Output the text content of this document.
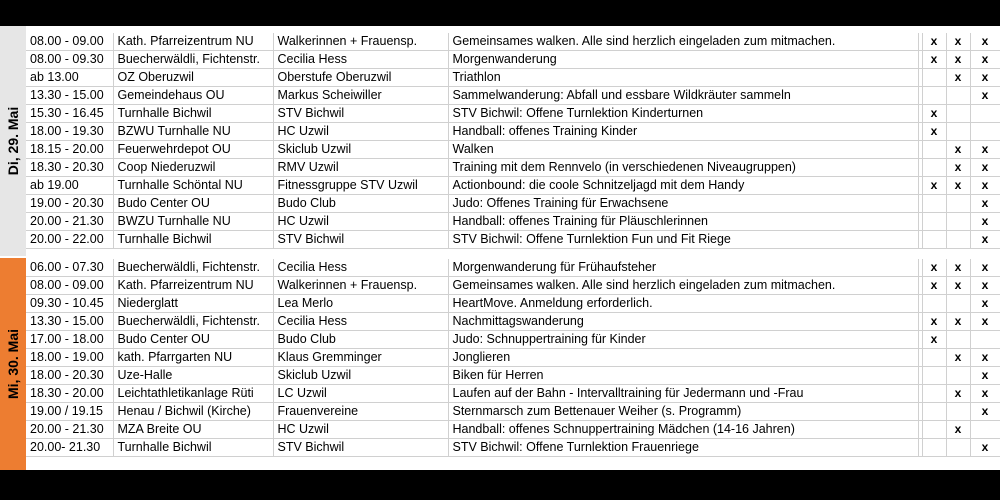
Di, 29. Mai
Mi, 30. Mai
08.00 - 09.00	Kath. Pfarreizentrum NU	Walkerinnen + Frauensp.	Gemeinsames walken. Alle sind herzlich eingeladen zum mitmachen.		x	x	x
08.00 - 09.30	Buecherwäldli, Fichtenstr.	Cecilia Hess	Morgenwanderung		x	x	x
ab 13.00	OZ Oberuzwil	Oberstufe Oberuzwil	Triathlon			x	x
13.30 - 15.00	Gemeindehaus OU	Markus Scheiwiller	Sammelwanderung: Abfall und essbare Wildkräuter sammeln				x
15.30 - 16.45	Turnhalle Bichwil	STV Bichwil	STV Bichwil: Offene Turnlektion Kinderturnen		x		
18.00 - 19.30	BZWU Turnhalle NU	HC Uzwil	Handball: offenes Training Kinder		x		
18.15 - 20.00	Feuerwehrdepot OU	Skiclub Uzwil	Walken			x	x
18.30 - 20.30	Coop Niederuzwil	RMV Uzwil	Training mit dem Rennvelo (in verschiedenen Niveaugruppen)			x	x
ab 19.00	Turnhalle Schöntal NU	Fitnessgruppe STV Uzwil	Actionbound: die coole Schnitzeljagd mit dem Handy		x	x	x
19.00 - 20.30	Budo Center OU	Budo Club	Judo: Offenes Training für Erwachsene				x
20.00 - 21.30	BWZU Turnhalle NU	HC Uzwil	Handball: offenes Training für Pläuschlerinnen				x
20.00 - 22.00	Turnhalle Bichwil	STV Bichwil	STV Bichwil: Offene Turnlektion Fun und Fit Riege				x
06.00 - 07.30	Buecherwäldli, Fichtenstr.	Cecilia Hess	Morgenwanderung für Frühaufsteher		x	x	x
08.00 - 09.00	Kath. Pfarreizentrum NU	Walkerinnen + Frauensp.	Gemeinsames walken. Alle sind herzlich eingeladen zum mitmachen.		x	x	x
09.30 - 10.45	Niederglatt	Lea Merlo	HeartMove. Anmeldung erforderlich.				x
13.30 - 15.00	Buecherwäldli, Fichtenstr.	Cecilia Hess	Nachmittagswanderung		x	x	x
17.00 - 18.00	Budo Center OU	Budo Club	Judo: Schnuppertraining für Kinder		x		
18.00 - 19.00	kath. Pfarrgarten NU	Klaus Gremminger	Jonglieren			x	x
18.00 - 20.30	Uze-Halle	Skiclub Uzwil	Biken für Herren				x
18.30 - 20.00	Leichtathletikanlage Rüti	LC Uzwil	Laufen auf der Bahn - Intervalltraining für Jedermann und -Frau			x	x
19.00 / 19.15	Henau / Bichwil (Kirche)	Frauenvereine	Sternmarsch zum Bettenauer Weiher (s. Programm)				x
20.00 - 21.30	MZA Breite OU	HC Uzwil	Handball: offenes Schnuppertraining Mädchen (14-16 Jahren)			x	
20.00- 21.30	Turnhalle Bichwil	STV Bichwil	STV Bichwil: Offene Turnlektion Frauenriege				x
